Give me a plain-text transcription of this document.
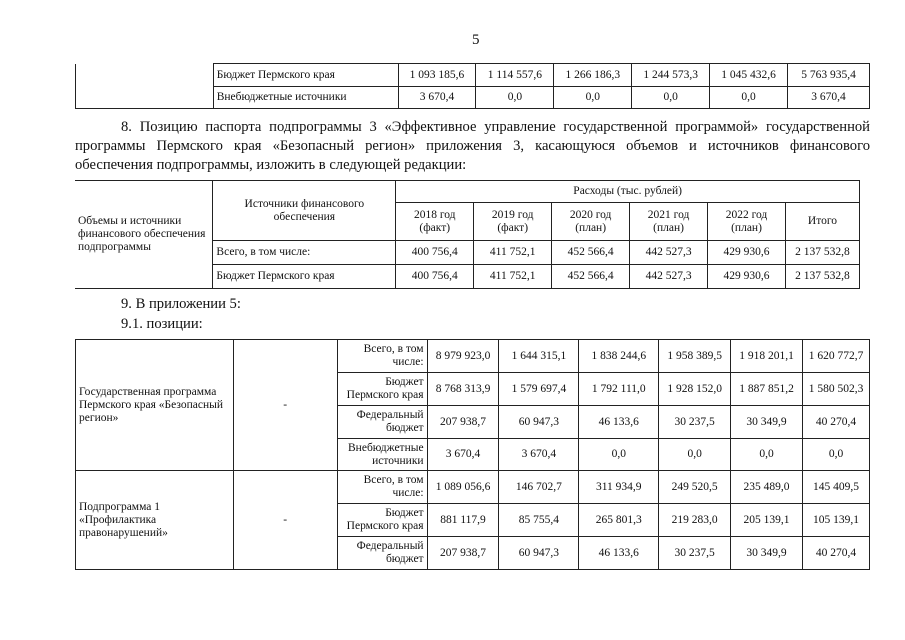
5
	Бюджет Пермского края	1 093 185,6	1 114 557,6	1 266 186,3	1 244 573,3	1 045 432,6	5 763 935,4
	Внебюджетные источники	3 670,4	0,0	0,0	0,0	0,0	3 670,4
8. Позицию паспорта подпрограммы 3 «Эффективное управление государственной программой» государственной
программы Пермского края «Безопасный регион» приложения 3, касающуюся объемов и источников финансового
обеспечения подпрограммы, изложить в следующей редакции:
Объемы и источники финансового обеспечения подпрограммы	Источники финансового обеспечения	Расходы (тыс. рублей)					
		2018 год (факт)	2019 год (факт)	2020 год (план)	2021 год (план)	2022 год (план)	Итого
	Всего, в том числе:	400 756,4	411 752,1	452 566,4	442 527,3	429 930,6	2 137 532,8
	Бюджет Пермского края	400 756,4	411 752,1	452 566,4	442 527,3	429 930,6	2 137 532,8
9. В приложении 5:
9.1. позиции:
Государственная программа Пермского края «Безопасный регион»	-	Всего, в том числе:	8 979 923,0	1 644 315,1	1 838 244,6	1 958 389,5	1 918 201,1	1 620 772,7
		Бюджет Пермского края	8 768 313,9	1 579 697,4	1 792 111,0	1 928 152,0	1 887 851,2	1 580 502,3
		Федеральный бюджет	207 938,7	60 947,3	46 133,6	30 237,5	30 349,9	40 270,4
		Внебюджетные источники	3 670,4	3 670,4	0,0	0,0	0,0	0,0
Подпрограмма 1 «Профилактика правонарушений»	-	Всего, в том числе:	1 089 056,6	146 702,7	311 934,9	249 520,5	235 489,0	145 409,5
		Бюджет Пермского края	881 117,9	85 755,4	265 801,3	219 283,0	205 139,1	105 139,1
		Федеральный бюджет	207 938,7	60 947,3	46 133,6	30 237,5	30 349,9	40 270,4
